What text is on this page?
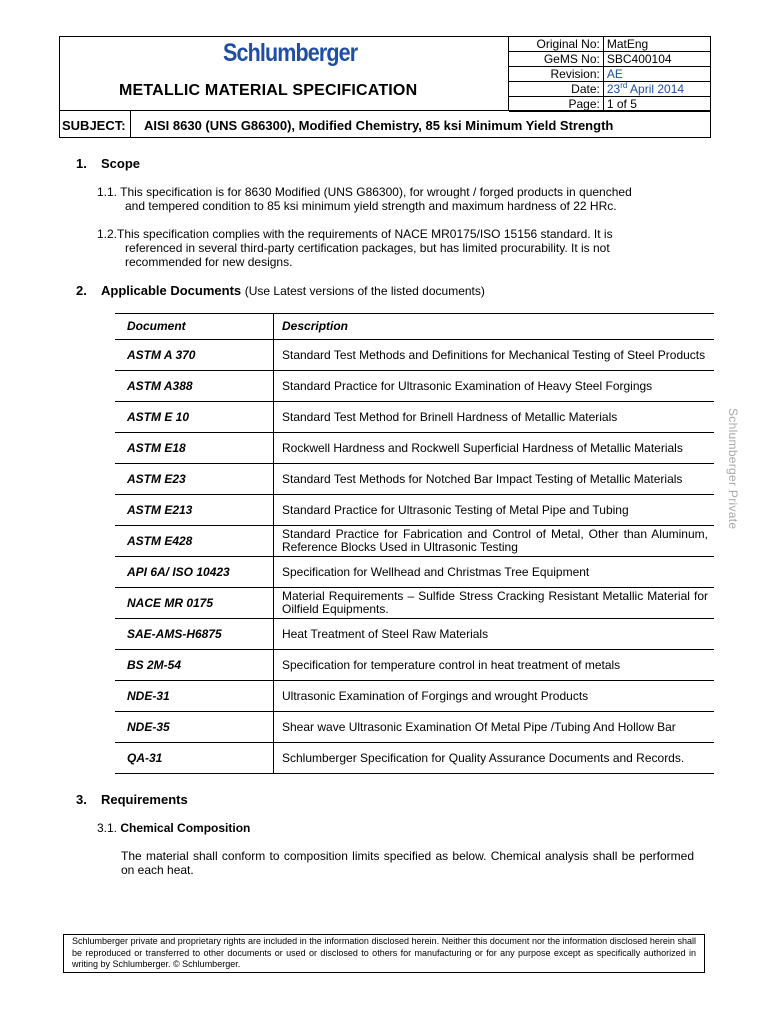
Schlumberger
METALLIC MATERIAL SPECIFICATION
Original No:	MatEng
GeMS No:	SBC400104
Revision:	AE
Date:	23rd April 2014
Page:	1 of 5
SUBJECT:	AISI 8630 (UNS G86300), Modified Chemistry, 85 ksi Minimum Yield Strength
1. Scope
1.1. This specification is for 8630 Modified (UNS G86300), for wrought / forged products in quenched
and tempered condition to 85 ksi minimum yield strength and maximum hardness of 22 HRc.
1.2.This specification complies with the requirements of NACE MR0175/ISO 15156 standard. It is
referenced in several third-party certification packages, but has limited procurability. It is not
recommended for new designs.
2. Applicable Documents (Use Latest versions of the listed documents)
Document	Description
ASTM A 370	Standard Test Methods and Definitions for Mechanical Testing of Steel Products
ASTM A388	Standard Practice for Ultrasonic Examination of Heavy Steel Forgings
ASTM E 10	Standard Test Method for Brinell Hardness of Metallic Materials
ASTM E18	Rockwell Hardness and Rockwell Superficial Hardness of Metallic Materials
ASTM E23	Standard Test Methods for Notched Bar Impact Testing of Metallic Materials
ASTM E213	Standard Practice for Ultrasonic Testing of Metal Pipe and Tubing
ASTM E428	Standard Practice for Fabrication and Control of Metal, Other than Aluminum, Reference Blocks Used in Ultrasonic Testing
API 6A/ ISO 10423	Specification for Wellhead and Christmas Tree Equipment
NACE MR 0175	Material Requirements – Sulfide Stress Cracking Resistant Metallic Material for Oilfield Equipments.
SAE-AMS-H6875	Heat Treatment of Steel Raw Materials
BS 2M-54	Specification for temperature control in heat treatment of metals
NDE-31	Ultrasonic Examination of Forgings and wrought Products
NDE-35	Shear wave Ultrasonic Examination Of Metal Pipe /Tubing And Hollow Bar
QA-31	Schlumberger Specification for Quality Assurance Documents and Records.
3. Requirements
3.1. Chemical Composition
The material shall conform to composition limits specified as below. Chemical analysis shall be performed on each heat.
Schlumberger Private
Schlumberger private and proprietary rights are included in the information disclosed herein. Neither this document nor the information disclosed herein shall be reproduced or transferred to other documents or used or disclosed to others for manufacturing or for any purpose except as specifically authorized in writing by Schlumberger. © Schlumberger.
